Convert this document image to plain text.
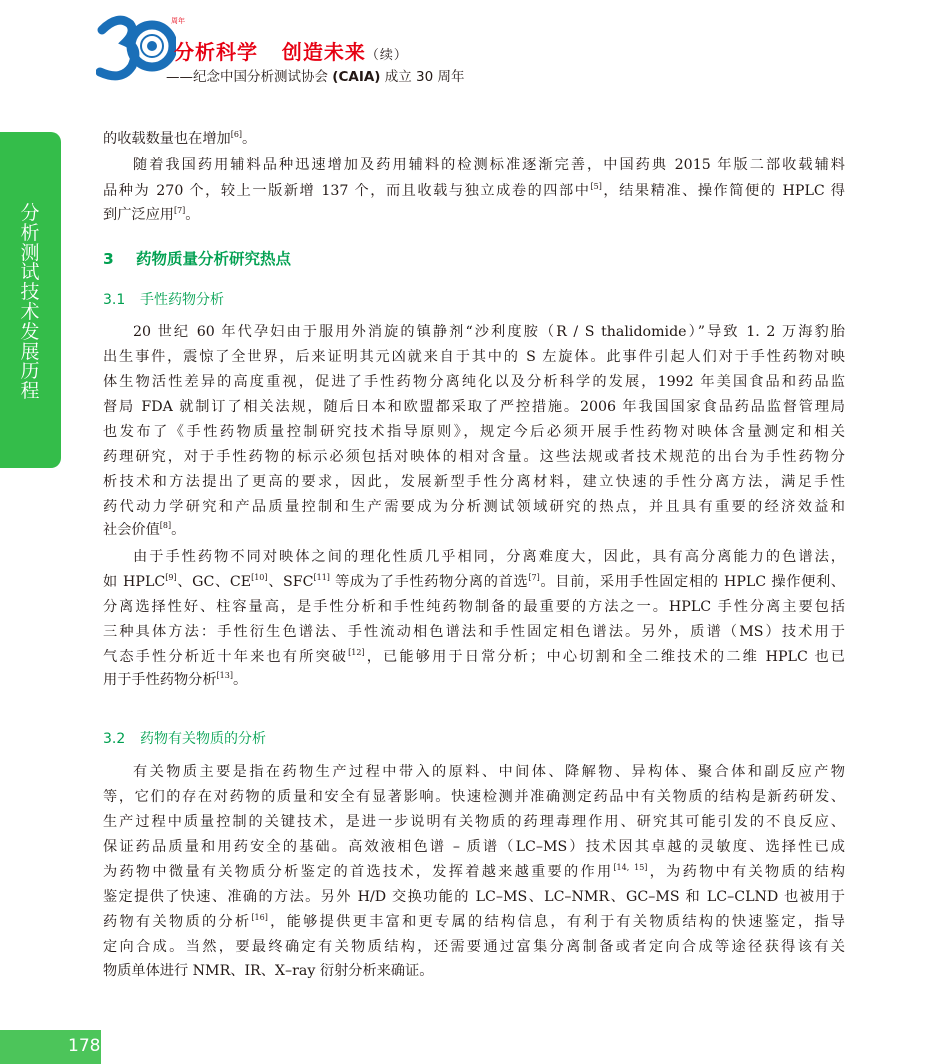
周年
分析科学 创造未来（续）
——纪念中国分析测试协会 (CAIA) 成立 30 周年
分析测试技术发展历程
的收载数量也在增加[6]。
随着我国药用辅料品种迅速增加及药用辅料的检测标准逐渐完善，中国药典 2015 年版二部收载辅料
品种为 270 个，较上一版新增 137 个，而且收载与独立成卷的四部中[5]，结果精准、操作简便的 HPLC 得
到广泛应用[7]。
3 药物质量分析研究热点
3.1 手性药物分析
20 世纪 60 年代孕妇由于服用外消旋的镇静剂“沙利度胺（R / S thalidomide）”导致 1. 2 万海豹胎
出生事件，震惊了全世界，后来证明其元凶就来自于其中的 S 左旋体。此事件引起人们对于手性药物对映
体生物活性差异的高度重视，促进了手性药物分离纯化以及分析科学的发展，1992 年美国食品和药品监
督局 FDA 就制订了相关法规，随后日本和欧盟都采取了严控措施。2006 年我国国家食品药品监督管理局
也发布了《手性药物质量控制研究技术指导原则》，规定今后必须开展手性药物对映体含量测定和相关
药理研究，对于手性药物的标示必须包括对映体的相对含量。这些法规或者技术规范的出台为手性药物分
析技术和方法提出了更高的要求，因此，发展新型手性分离材料，建立快速的手性分离方法，满足手性
药代动力学研究和产品质量控制和生产需要成为分析测试领域研究的热点，并且具有重要的经济效益和
社会价值[8]。
由于手性药物不同对映体之间的理化性质几乎相同，分离难度大，因此，具有高分离能力的色谱法，
如 HPLC[9]、GC、CE[10]、SFC[11] 等成为了手性药物分离的首选[7]。目前，采用手性固定相的 HPLC 操作便利、
分离选择性好、柱容量高，是手性分析和手性纯药物制备的最重要的方法之一。HPLC 手性分离主要包括
三种具体方法：手性衍生色谱法、手性流动相色谱法和手性固定相色谱法。另外，质谱（MS）技术用于
气态手性分析近十年来也有所突破[12]，已能够用于日常分析；中心切割和全二维技术的二维 HPLC 也已
用于手性药物分析[13]。
3.2 药物有关物质的分析
有关物质主要是指在药物生产过程中带入的原料、中间体、降解物、异构体、聚合体和副反应产物
等，它们的存在对药物的质量和安全有显著影响。快速检测并准确测定药品中有关物质的结构是新药研发、
生产过程中质量控制的关键技术，是进一步说明有关物质的药理毒理作用、研究其可能引发的不良反应、
保证药品质量和用药安全的基础。高效液相色谱 – 质谱（LC–MS）技术因其卓越的灵敏度、选择性已成
为药物中微量有关物质分析鉴定的首选技术，发挥着越来越重要的作用[14, 15]，为药物中有关物质的结构
鉴定提供了快速、准确的方法。另外 H/D 交换功能的 LC–MS、LC–NMR、GC–MS 和 LC–CLND 也被用于
药物有关物质的分析[16]，能够提供更丰富和更专属的结构信息，有利于有关物质结构的快速鉴定，指导
定向合成。当然，要最终确定有关物质结构，还需要通过富集分离制备或者定向合成等途径获得该有关
物质单体进行 NMR、IR、X–ray 衍射分析来确证。
178
